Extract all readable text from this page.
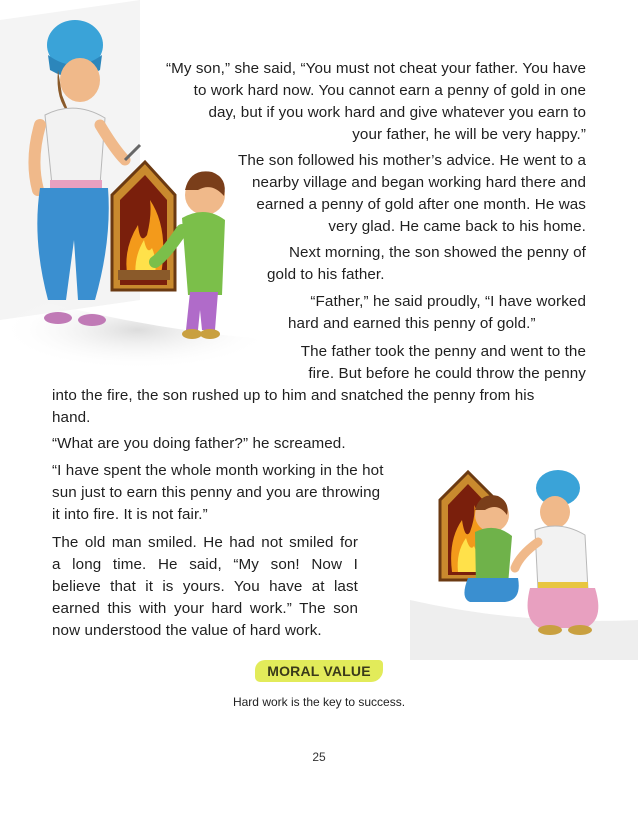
“My son,” she said, “You must not cheat your father. You have
to work hard now. You cannot earn a penny of gold in one
day, but if you work hard and give whatever you earn to
your father, he will be very happy.”

The son followed his mother’s advice. He went to a
nearby village and began working hard there and
earned a penny of gold after one month. He was
very glad. He came back to his home.

Next morning, the son showed the penny of
gold to his father.

“Father,” he said proudly, “I have worked
hard and earned this penny of gold.”

The father took the penny and went to the
fire. But before he could throw the penny

into the fire, the son rushed up to him and snatched the penny from his
hand.

“What are you doing father?” he screamed.

“I have spent the whole month working in the hot
sun just to earn this penny and you are throwing
it into fire. It is not fair.”

The old man smiled. He had not smiled for
a long time. He said, “My son! Now I
believe that it is yours. You have at last
earned this with your hard work.” The son
now understood the value of hard work.

MORAL VALUE
Hard work is the key to success.
25
